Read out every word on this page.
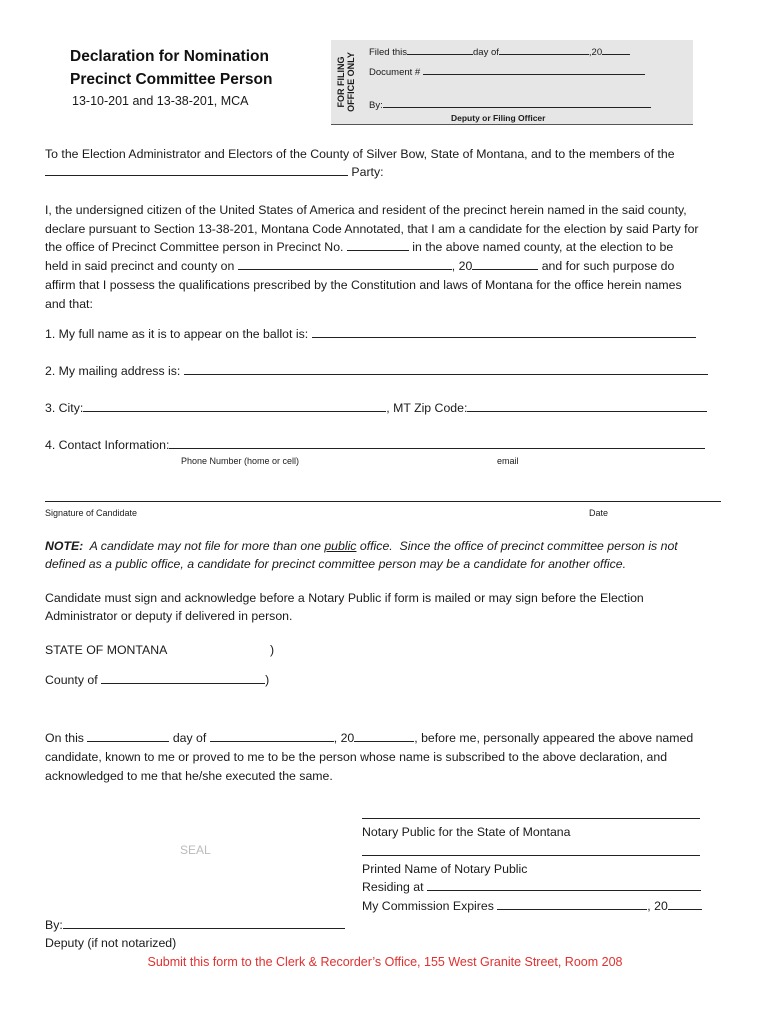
Declaration for Nomination
Precinct Committee Person
13-10-201 and 13-38-201, MCA	FOR FILING OFFICE ONLY Filed this	day of	,20
Document #
By:
Deputy or Filing Officer
To the Election Administrator and Electors of the County of Silver Bow, State of Montana, and to the members of the
Party:
I, the undersigned citizen of the United States of America and resident of the precinct herein named in the said county,
declare pursuant to Section 13-38-201, Montana Code Annotated, that I am a candidate for the election by said Party for
the office of Precinct Committee person in Precinct No.	in the above named county, at the election to be
held in said precinct and county on	, 20	and for such purpose do
affirm that I possess the qualifications prescribed by the Constitution and laws of Montana for the office herein names
and that:
1. My full name as it is to appear on the ballot is:
2. My mailing address is:
3. City:	, MT Zip Code:
4. Contact Information:
Phone Number (home or cell)	email
Signature of Candidate	Date
NOTE:  A candidate may not file for more than one public office.  Since the office of precinct committee person is not
defined as a public office, a candidate for precinct committee person may be a candidate for another office.
Candidate must sign and acknowledge before a Notary Public if form is mailed or may sign before the Election
Administrator or deputy if delivered in person.
STATE OF MONTANA	)
County of	)
On this	day of	, 20	, before me, personally appeared the above named
candidate, known to me or proved to me to be the person whose name is subscribed to the above declaration, and
acknowledged to me that he/she executed the same.
Notary Public for the State of Montana
SEAL
Printed Name of Notary Public
Residing at
My Commission Expires	, 20
By:
Deputy (if not notarized)
Submit this form to the Clerk & Recorder’s Office, 155 West Granite Street, Room 208
